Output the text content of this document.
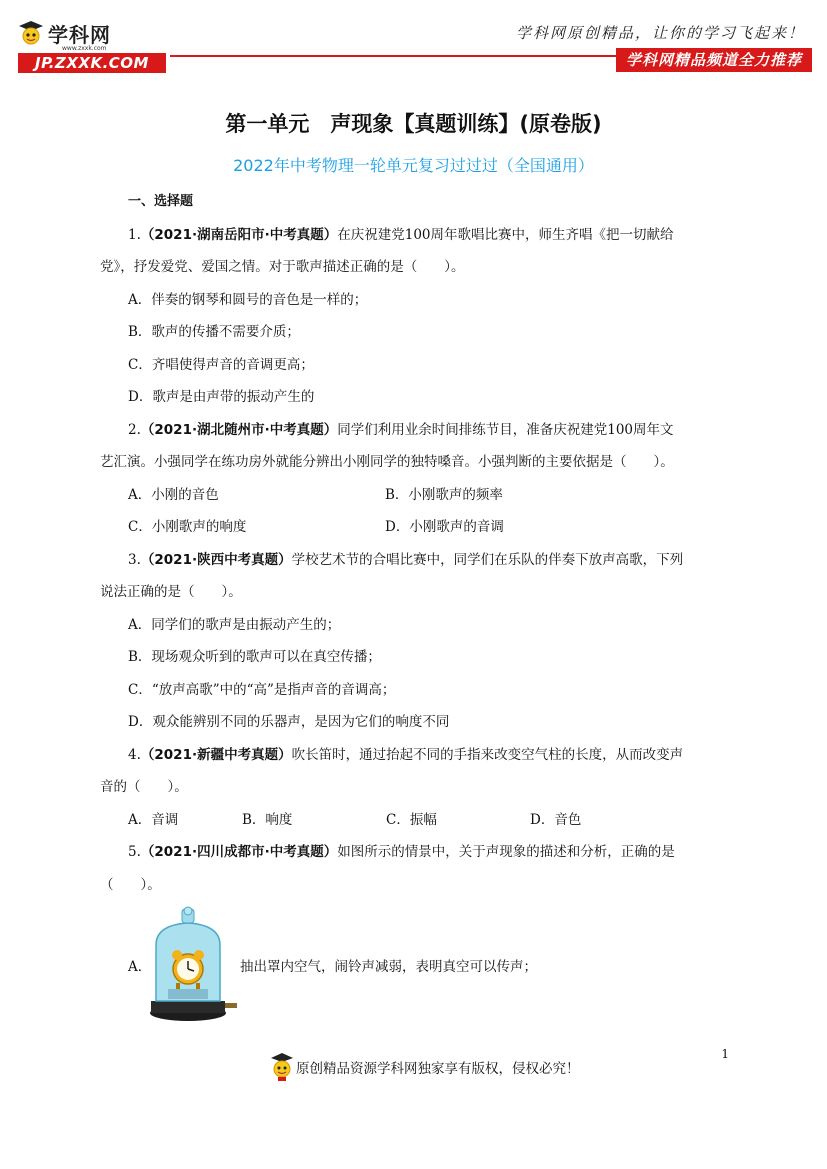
学科网
www.zxxk.com
JP.ZXXK.COM
学科网原创精品，让你的学习飞起来！
学科网精品频道全力推荐
第一单元　声现象【真题训练】(原卷版)
2022年中考物理一轮单元复习过过过（全国通用）
一、选择题
1.（2021·湖南岳阳市·中考真题）在庆祝建党100周年歌唱比赛中，师生齐唱《把一切献给
党》，抒发爱党、爱国之情。对于歌声描述正确的是（　　）。
A．伴奏的钢琴和圆号的音色是一样的；
B．歌声的传播不需要介质；
C．齐唱使得声音的音调更高；
D．歌声是由声带的振动产生的
2.（2021·湖北随州市·中考真题）同学们利用业余时间排练节目，准备庆祝建党100周年文
艺汇演。小强同学在练功房外就能分辨出小刚同学的独特嗓音。小强判断的主要依据是（　　）。
A．小刚的音色	B．小刚歌声的频率
C．小刚歌声的响度	D．小刚歌声的音调
3.（2021·陕西中考真题）学校艺术节的合唱比赛中，同学们在乐队的伴奏下放声高歌，下列
说法正确的是（　　）。
A．同学们的歌声是由振动产生的；
B．现场观众听到的歌声可以在真空传播；
C．“放声高歌”中的“高”是指声音的音调高；
D．观众能辨别不同的乐器声，是因为它们的响度不同
4.（2021·新疆中考真题）吹长笛时，通过抬起不同的手指来改变空气柱的长度，从而改变声
音的（　　）。
A．音调	B．响度	C．振幅	D．音色
5.（2021·四川成都市·中考真题）如图所示的情景中，关于声现象的描述和分析，正确的是
（　　）。
A．	抽出罩内空气，闹铃声减弱，表明真空可以传声；
1
原创精品资源学科网独家享有版权，侵权必究！
